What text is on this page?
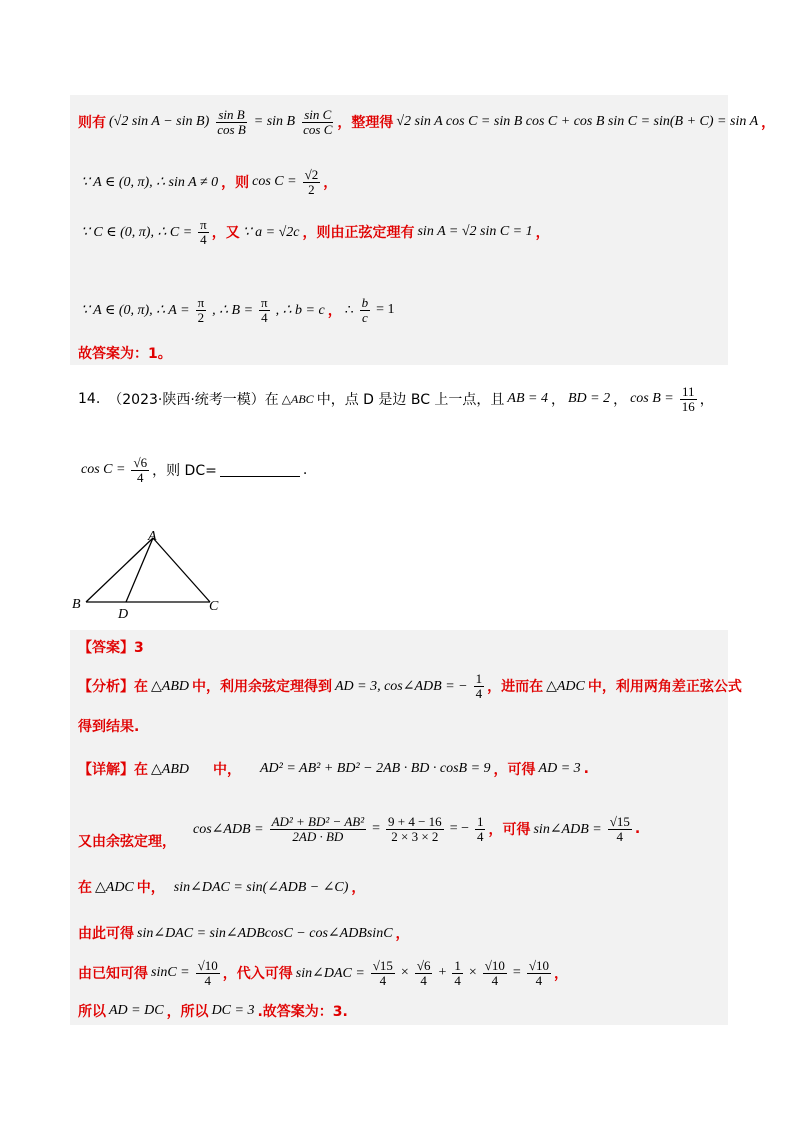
则有 (√2 $\sin A - \sin B) \frac{\text{sin B}}{\text{cos B}} = \sin B \frac{\text{sin C}}{\text{cos C}}$ ，整理得 √2 sin A cos C = sin B cos C + cos B sin C = sin(B + C) = sin A ，
∵ A ∈ (0, π), ∴ sin A ≠ 0 ，则 $\cos C = \frac{√2}{2}$ ，
∵ C ∈ (0, π), ∴ $C = \frac{\pi}{4}$ ，又 ∵ a = √2c ，则由正弦定理有 sin A = √2 sin C = 1 ，
∵ A ∈ (0, π), ∴ $A = \frac{\pi}{2}$ , ∴ $B = \frac{\pi}{4}$ , ∴ b = c ， ∴ $\frac{b}{c} = 1$
故答案为：1。
14. （2023·陕西·统考一模）在 △ABC 中，点 D 是边 BC 上一点，且 AB = 4 ， BD = 2 ， $\cos B = \frac{11}{16}$ ，
$\cos C = \frac{√6}{4}$ ，则 DC=	.
A
B	C
D
【答案】3
【分析】在 △ABD 中，利用余弦定理得到 AD = 3, cos∠ADB = − $\frac{1}{4}$ ，进而在 △ADC 中，利用两角差正弦公式
得到结果.
【详解】在 △ABD 中， AD² = AB² + BD² − 2AB · BD · cosB = 9 ，可得 AD = 3 .
又由余弦定理，
cos∠ADB = $\frac{\text{AD² + BD² − AB²}}{2AD \cdot BD} = \frac{9 + 4 - 16}{2 \times 3 \times 2}$ = − $\frac{1}{4}$ ，可得 sin∠ADB = $\frac{√15}{4}$ .
在 △ADC 中， sin∠DAC = sin(∠ADB − ∠C) ，
由此可得 sin∠DAC = sin∠ADBcosC − cos∠ADBsinC ，
由已知可得 $\sin C = \frac{√10}{4}$ ，代入可得 sin∠DAC = $\frac{√15}{4} \times \frac{√6}{4} + \frac{1}{4} \times \frac{√10}{4} = \frac{√10}{4}$ ，
所以 AD = DC ，所以 DC = 3 .故答案为：3.
